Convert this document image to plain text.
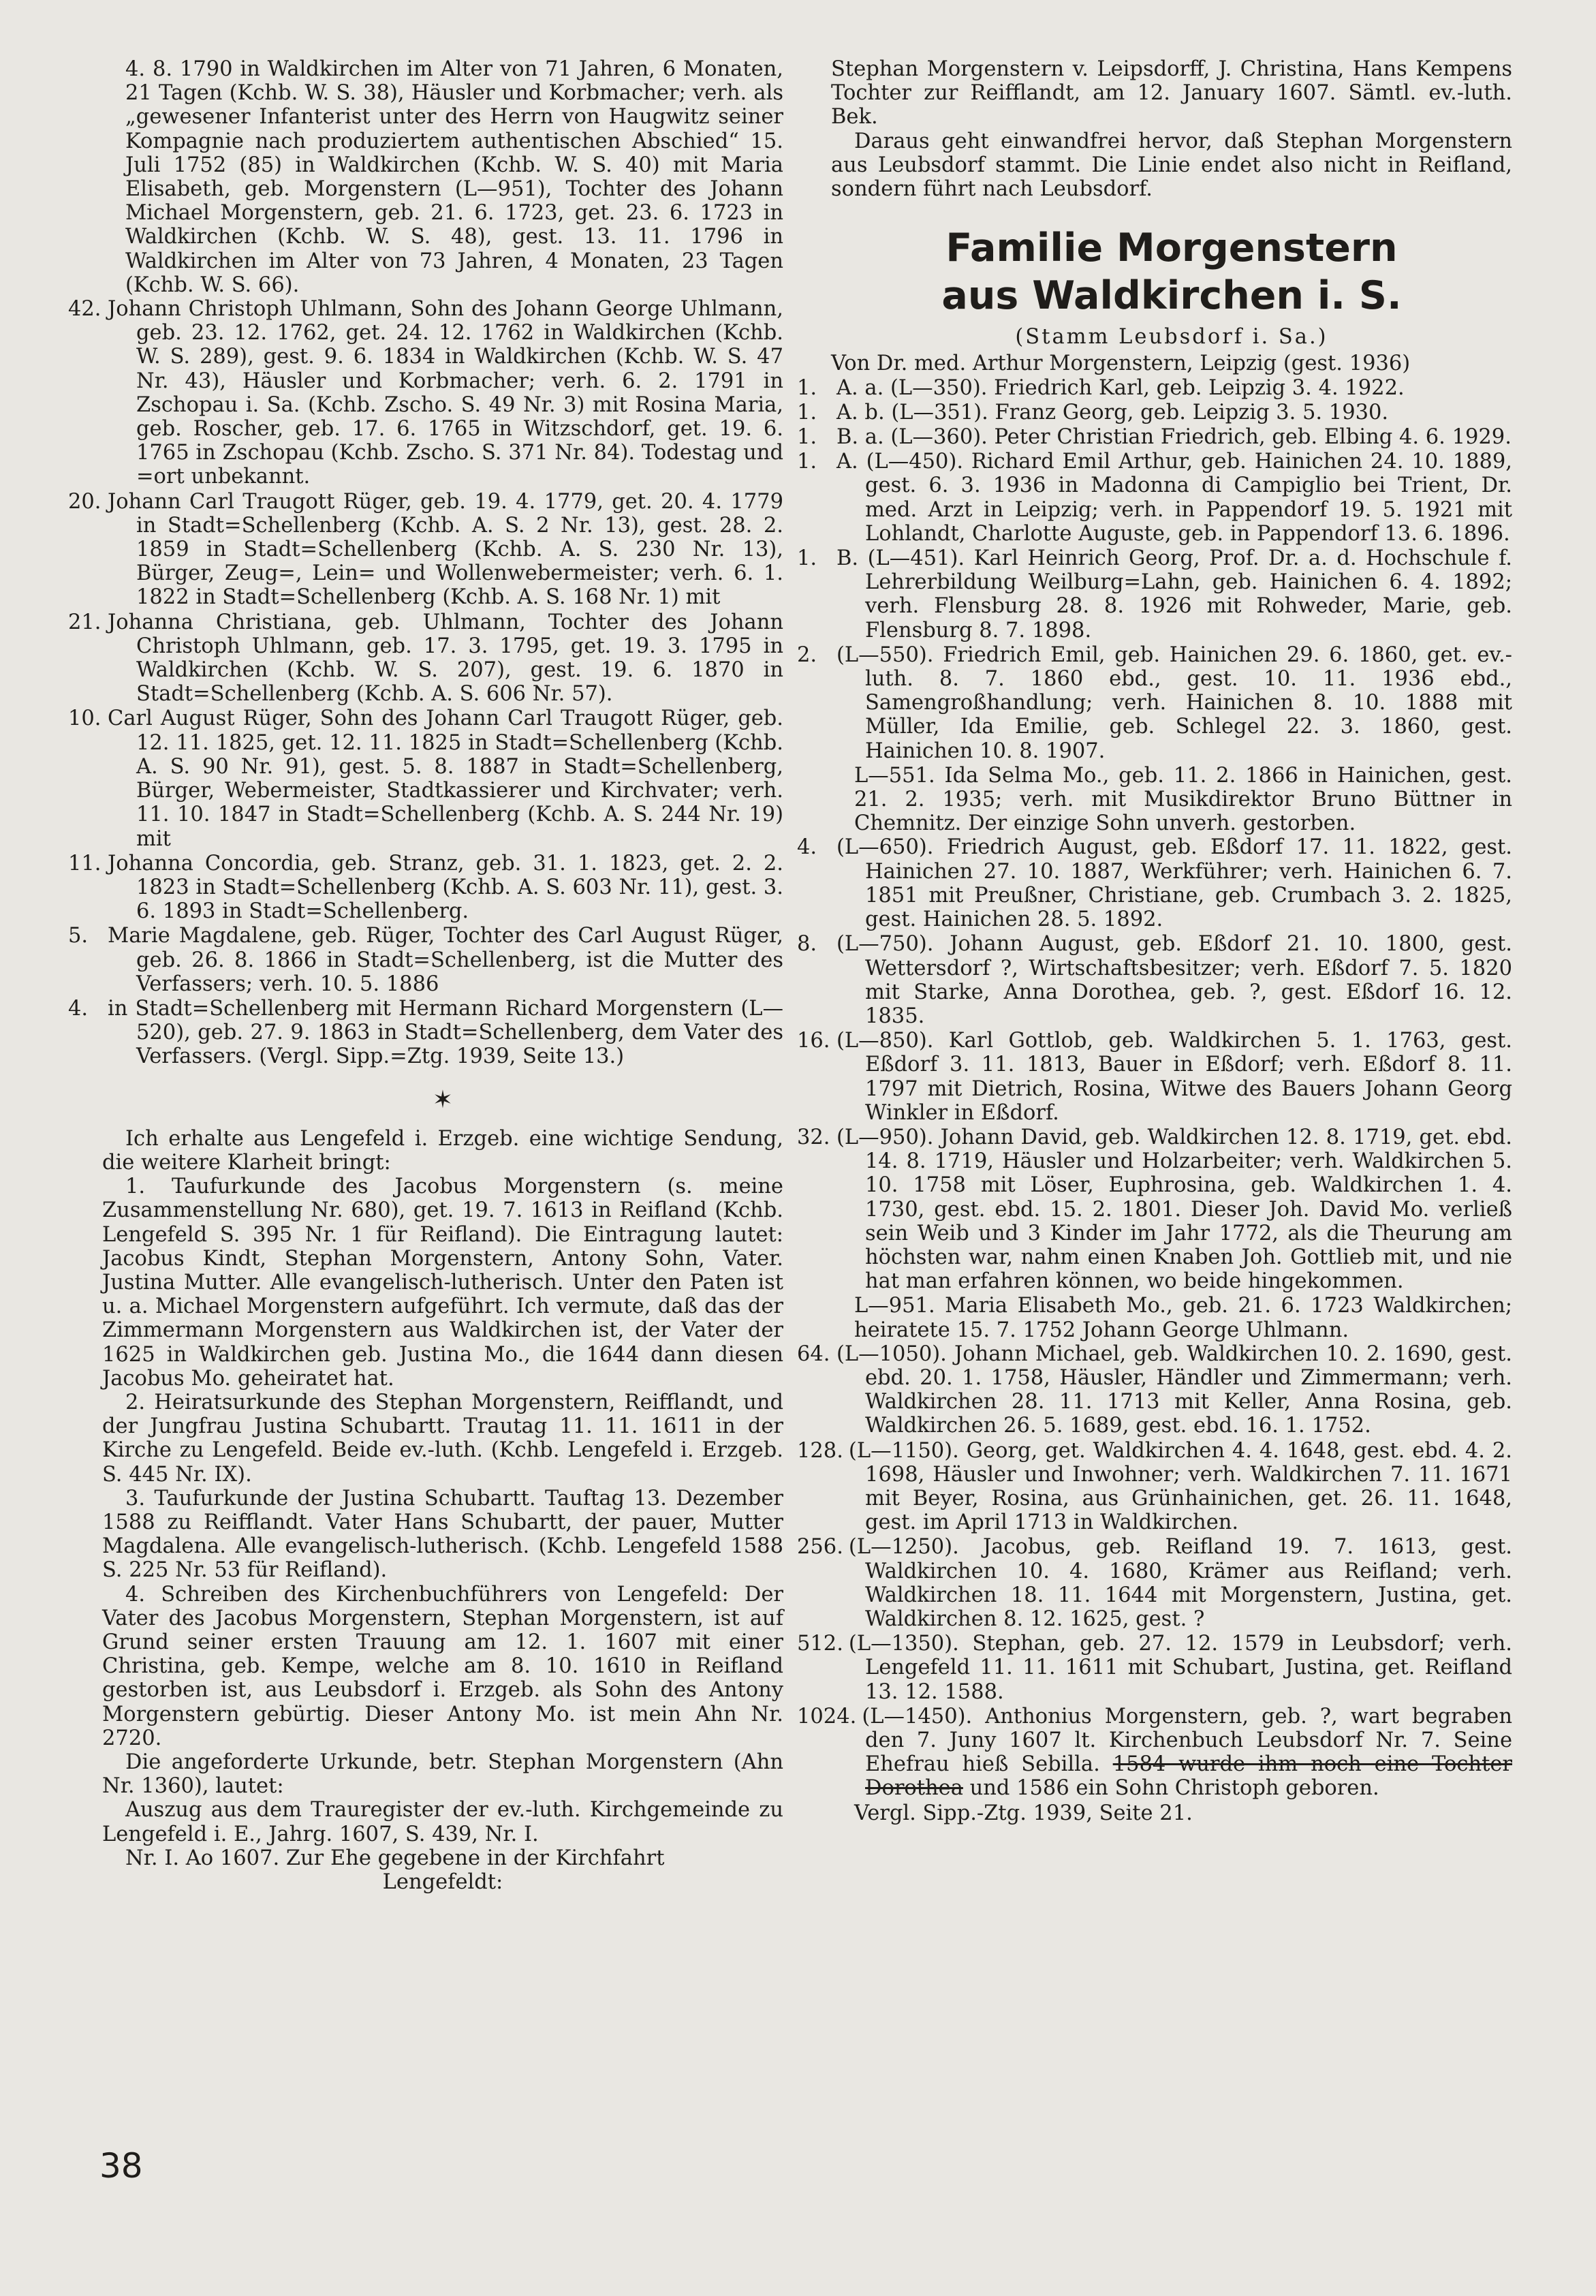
4. 8. 1790 in Waldkirchen im Alter von 71 Jahren, 6 Monaten, 21 Tagen (Kchb. W. S. 38), Häusler und Korbmacher; verh. als „gewesener Infanterist unter des Herrn von Haugwitz seiner Kompagnie nach produziertem authentischen Abschied“ 15. Juli 1752 (85) in Waldkirchen (Kchb. W. S. 40) mit Maria Elisabeth, geb. Morgenstern (L—951), Tochter des Johann Michael Morgenstern, geb. 21. 6. 1723, get. 23. 6. 1723 in Waldkirchen (Kchb. W. S. 48), gest. 13. 11. 1796 in Waldkirchen im Alter von 73 Jahren, 4 Monaten, 23 Tagen (Kchb. W. S. 66).
42. Johann Christoph Uhlmann, Sohn des Johann George Uhlmann, geb. 23. 12. 1762, get. 24. 12. 1762 in Waldkirchen (Kchb. W. S. 289), gest. 9. 6. 1834 in Waldkirchen (Kchb. W. S. 47 Nr. 43), Häusler und Korbmacher; verh. 6. 2. 1791 in Zschopau i. Sa. (Kchb. Zscho. S. 49 Nr. 3) mit Rosina Maria, geb. Roscher, geb. 17. 6. 1765 in Witzschdorf, get. 19. 6. 1765 in Zschopau (Kchb. Zscho. S. 371 Nr. 84). Todestag und =ort unbekannt.
20. Johann Carl Traugott Rüger, geb. 19. 4. 1779, get. 20. 4. 1779 in Stadt=Schellenberg (Kchb. A. S. 2 Nr. 13), gest. 28. 2. 1859 in Stadt=Schellenberg (Kchb. A. S. 230 Nr. 13), Bürger, Zeug=, Lein= und Wollenwebermeister; verh. 6. 1. 1822 in Stadt=Schellenberg (Kchb. A. S. 168 Nr. 1) mit
21. Johanna Christiana, geb. Uhlmann, Tochter des Johann Christoph Uhlmann, geb. 17. 3. 1795, get. 19. 3. 1795 in Waldkirchen (Kchb. W. S. 207), gest. 19. 6. 1870 in Stadt=Schellenberg (Kchb. A. S. 606 Nr. 57).
10. Carl August Rüger, Sohn des Johann Carl Traugott Rüger, geb. 12. 11. 1825, get. 12. 11. 1825 in Stadt=Schellenberg (Kchb. A. S. 90 Nr. 91), gest. 5. 8. 1887 in Stadt=Schellenberg, Bürger, Webermeister, Stadtkassierer und Kirchvater; verh. 11. 10. 1847 in Stadt=Schellenberg (Kchb. A. S. 244 Nr. 19) mit
11. Johanna Concordia, geb. Stranz, geb. 31. 1. 1823, get. 2. 2. 1823 in Stadt=Schellenberg (Kchb. A. S. 603 Nr. 11), gest. 3. 6. 1893 in Stadt=Schellenberg.
5. Marie Magdalene, geb. Rüger, Tochter des Carl August Rüger, geb. 26. 8. 1866 in Stadt=Schellenberg, ist die Mutter des Verfassers; verh. 10. 5. 1886
4. in Stadt=Schellenberg mit Hermann Richard Morgenstern (L—520), geb. 27. 9. 1863 in Stadt=Schellenberg, dem Vater des Verfassers. (Vergl. Sipp.=Ztg. 1939, Seite 13.)
✶

Ich erhalte aus Lengefeld i. Erzgeb. eine wichtige Sendung, die weitere Klarheit bringt:

1. Taufurkunde des Jacobus Morgenstern (s. meine Zusammenstellung Nr. 680), get. 19. 7. 1613 in Reifland (Kchb. Lengefeld S. 395 Nr. 1 für Reifland). Die Eintragung lautet: Jacobus Kindt, Stephan Morgenstern, Antony Sohn, Vater. Justina Mutter. Alle evangelisch-lutherisch. Unter den Paten ist u. a. Michael Morgenstern aufgeführt. Ich vermute, daß das der Zimmermann Morgenstern aus Waldkirchen ist, der Vater der 1625 in Waldkirchen geb. Justina Mo., die 1644 dann diesen Jacobus Mo. geheiratet hat.

2. Heiratsurkunde des Stephan Morgenstern, Reifflandt, und der Jungfrau Justina Schubartt. Trautag 11. 11. 1611 in der Kirche zu Lengefeld. Beide ev.-luth. (Kchb. Lengefeld i. Erzgeb. S. 445 Nr. IX).

3. Taufurkunde der Justina Schubartt. Tauftag 13. Dezember 1588 zu Reifflandt. Vater Hans Schubartt, der pauer, Mutter Magdalena. Alle evangelisch-lutherisch. (Kchb. Lengefeld 1588 S. 225 Nr. 53 für Reifland).

4. Schreiben des Kirchenbuchführers von Lengefeld: Der Vater des Jacobus Morgenstern, Stephan Morgenstern, ist auf Grund seiner ersten Trauung am 12. 1. 1607 mit einer Christina, geb. Kempe, welche am 8. 10. 1610 in Reifland gestorben ist, aus Leubsdorf i. Erzgeb. als Sohn des Antony Morgenstern gebürtig. Dieser Antony Mo. ist mein Ahn Nr. 2720.

Die angeforderte Urkunde, betr. Stephan Morgenstern (Ahn Nr. 1360), lautet:

Auszug aus dem Trauregister der ev.-luth. Kirchgemeinde zu Lengefeld i. E., Jahrg. 1607, S. 439, Nr. I.

Nr. I. Ao 1607. Zur Ehe gegebene in der Kirchfahrt

Lengefeldt:

Stephan Morgenstern v. Leipsdorff, J. Christina, Hans Kempens Tochter zur Reifflandt, am 12. January 1607. Sämtl. ev.-luth. Bek.

Daraus geht einwandfrei hervor, daß Stephan Morgenstern aus Leubsdorf stammt. Die Linie endet also nicht in Reifland, sondern führt nach Leubsdorf.

Familie Morgenstern
aus Waldkirchen i. S.
(Stamm Leubsdorf i. Sa.)

Von Dr. med. Arthur Morgenstern, Leipzig (gest. 1936)

1. A. a. (L—350). Friedrich Karl, geb. Leipzig 3. 4. 1922.
1. A. b. (L—351). Franz Georg, geb. Leipzig 3. 5. 1930.
1. B. a. (L—360). Peter Christian Friedrich, geb. Elbing 4. 6. 1929.
1. A. (L—450). Richard Emil Arthur, geb. Hainichen 24. 10. 1889, gest. 6. 3. 1936 in Madonna di Campiglio bei Trient, Dr. med. Arzt in Leipzig; verh. in Pappendorf 19. 5. 1921 mit Lohlandt, Charlotte Auguste, geb. in Pappendorf 13. 6. 1896.
1. B. (L—451). Karl Heinrich Georg, Prof. Dr. a. d. Hochschule f. Lehrerbildung Weilburg=Lahn, geb. Hainichen 6. 4. 1892; verh. Flensburg 28. 8. 1926 mit Rohweder, Marie, geb. Flensburg 8. 7. 1898.
2. (L—550). Friedrich Emil, geb. Hainichen 29. 6. 1860, get. ev.-luth. 8. 7. 1860 ebd., gest. 10. 11. 1936 ebd., Samengroßhandlung; verh. Hainichen 8. 10. 1888 mit Müller, Ida Emilie, geb. Schlegel 22. 3. 1860, gest. Hainichen 10. 8. 1907.
L—551. Ida Selma Mo., geb. 11. 2. 1866 in Hainichen, gest. 21. 2. 1935; verh. mit Musikdirektor Bruno Büttner in Chemnitz. Der einzige Sohn unverh. gestorben.
4. (L—650). Friedrich August, geb. Eßdorf 17. 11. 1822, gest. Hainichen 27. 10. 1887, Werkführer; verh. Hainichen 6. 7. 1851 mit Preußner, Christiane, geb. Crumbach 3. 2. 1825, gest. Hainichen 28. 5. 1892.
8. (L—750). Johann August, geb. Eßdorf 21. 10. 1800, gest. Wettersdorf ?, Wirtschaftsbesitzer; verh. Eßdorf 7. 5. 1820 mit Starke, Anna Dorothea, geb. ?, gest. Eßdorf 16. 12. 1835.
16. (L—850). Karl Gottlob, geb. Waldkirchen 5. 1. 1763, gest. Eßdorf 3. 11. 1813, Bauer in Eßdorf; verh. Eßdorf 8. 11. 1797 mit Dietrich, Rosina, Witwe des Bauers Johann Georg Winkler in Eßdorf.
32. (L—950). Johann David, geb. Waldkirchen 12. 8. 1719, get. ebd. 14. 8. 1719, Häusler und Holzarbeiter; verh. Waldkirchen 5. 10. 1758 mit Löser, Euphrosina, geb. Waldkirchen 1. 4. 1730, gest. ebd. 15. 2. 1801. Dieser Joh. David Mo. verließ sein Weib und 3 Kinder im Jahr 1772, als die Theurung am höchsten war, nahm einen Knaben Joh. Gottlieb mit, und nie hat man erfahren können, wo beide hingekommen.
L—951. Maria Elisabeth Mo., geb. 21. 6. 1723 Waldkirchen; heiratete 15. 7. 1752 Johann George Uhlmann.
64. (L—1050). Johann Michael, geb. Waldkirchen 10. 2. 1690, gest. ebd. 20. 1. 1758, Häusler, Händler und Zimmermann; verh. Waldkirchen 28. 11. 1713 mit Keller, Anna Rosina, geb. Waldkirchen 26. 5. 1689, gest. ebd. 16. 1. 1752.
128. (L—1150). Georg, get. Waldkirchen 4. 4. 1648, gest. ebd. 4. 2. 1698, Häusler und Inwohner; verh. Waldkirchen 7. 11. 1671 mit Beyer, Rosina, aus Grünhainichen, get. 26. 11. 1648, gest. im April 1713 in Waldkirchen.
256. (L—1250). Jacobus, geb. Reifland 19. 7. 1613, gest. Waldkirchen 10. 4. 1680, Krämer aus Reifland; verh. Waldkirchen 18. 11. 1644 mit Morgenstern, Justina, get. Waldkirchen 8. 12. 1625, gest. ?
512. (L—1350). Stephan, geb. 27. 12. 1579 in Leubsdorf; verh. Lengefeld 11. 11. 1611 mit Schubart, Justina, get. Reifland 13. 12. 1588.
1024. (L—1450). Anthonius Morgenstern, geb. ?, wart begraben den 7. Juny 1607 lt. Kirchenbuch Leubsdorf Nr. 7. Seine Ehefrau hieß Sebilla. 1584 wurde ihm noch eine Tochter Dorothea und 1586 ein Sohn Christoph geboren.

Vergl. Sipp.-Ztg. 1939, Seite 21.

38
